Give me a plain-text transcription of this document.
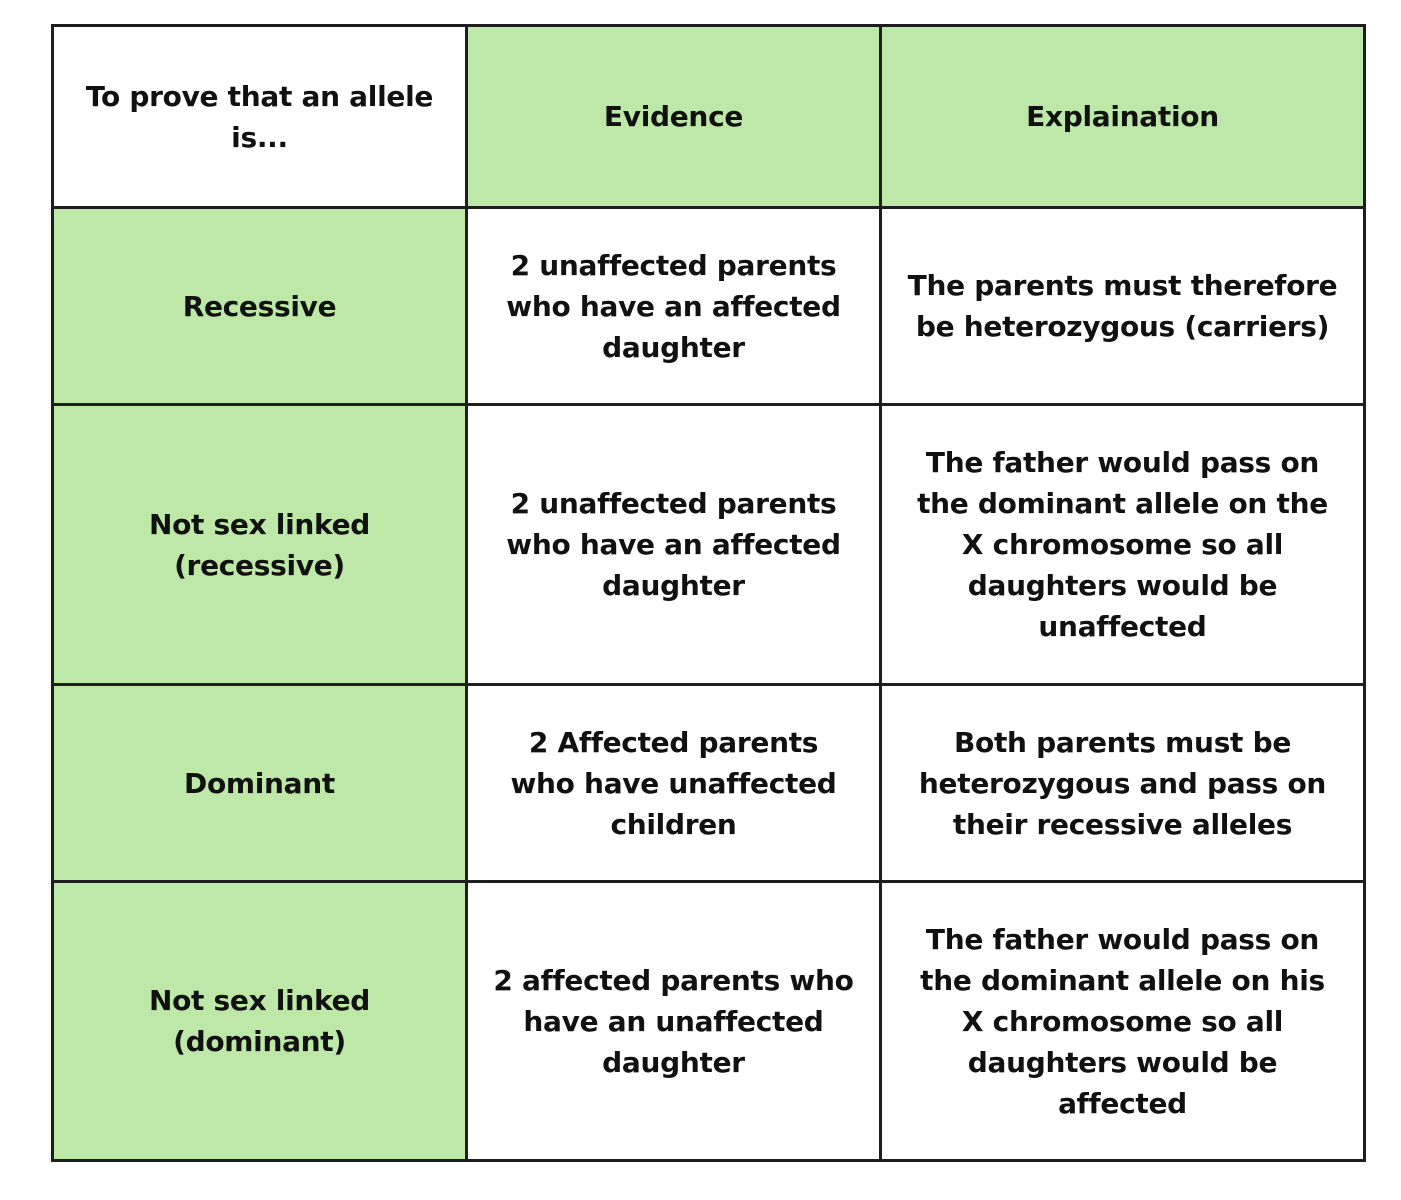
To prove that an allele is...	Evidence	Explaination
Recessive	2 unaffected parents who have an affected daughter	The parents must therefore be heterozygous (carriers)
Not sex linked (recessive)	2 unaffected parents who have an affected daughter	The father would pass on the dominant allele on the X chromosome so all daughters would be unaffected
Dominant	2 Affected parents who have unaffected children	Both parents must be heterozygous and pass on their recessive alleles
Not sex linked (dominant)	2 affected parents who have an unaffected daughter	The father would pass on the dominant allele on his X chromosome so all daughters would be affected
